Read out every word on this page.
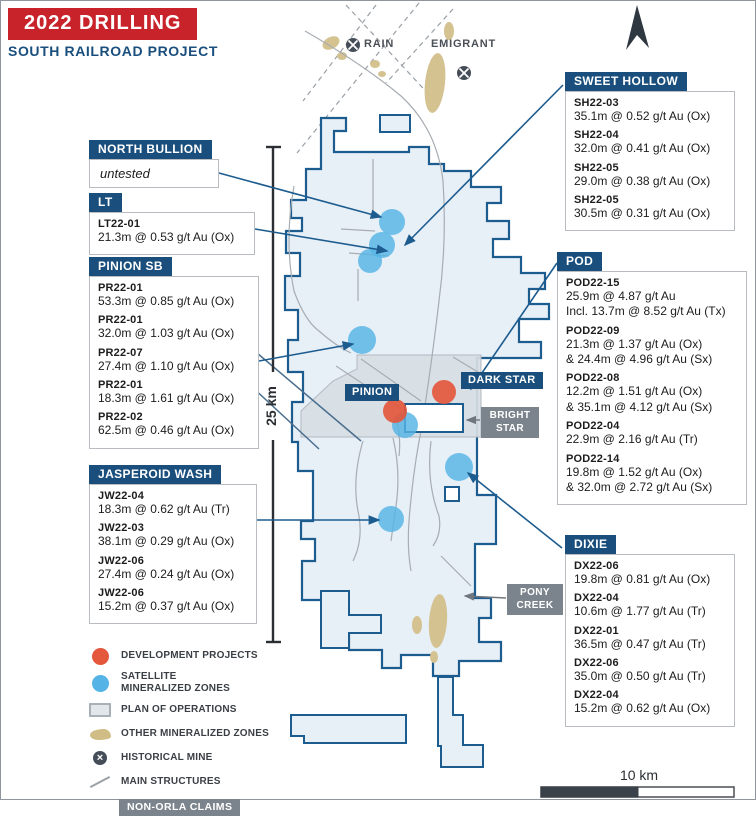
2022 DRILLING
SOUTH RAILROAD PROJECT	RAIN	EMIGRANT
NORTH BULLION
untested
LT
LT22-01
21.3m @ 0.53 g/t Au (Ox)
PINION SB
PR22-01
53.3m @ 0.85 g/t Au (Ox)
PR22-01
32.0m @ 1.03 g/t Au (Ox)
PR22-07
27.4m @ 1.10 g/t Au (Ox)
PR22-01
18.3m @ 1.61 g/t Au (Ox)
PR22-02
62.5m @ 0.46 g/t Au (Ox)
JASPEROID WASH
JW22-04
18.3m @ 0.62 g/t Au (Tr)
JW22-03
38.1m @ 0.29 g/t Au (Ox)
JW22-06
27.4m @ 0.24 g/t Au (Ox)
JW22-06
15.2m @ 0.37 g/t Au (Ox)
SWEET HOLLOW
SH22-03
35.1m @ 0.52 g/t Au (Ox)
SH22-04
32.0m @ 0.41 g/t Au (Ox)
SH22-05
29.0m @ 0.38 g/t Au (Ox)
SH22-05
30.5m @ 0.31 g/t Au (Ox)
POD
POD22-15
25.9m @ 4.87 g/t Au
Incl. 13.7m @ 8.52 g/t Au (Tx)
POD22-09
21.3m @ 1.37 g/t Au (Ox)
& 24.4m @ 4.96 g/t Au (Sx)
POD22-08
12.2m @ 1.51 g/t Au (Ox)
& 35.1m @ 4.12 g/t Au (Sx)
POD22-04
22.9m @ 2.16 g/t Au (Tr)
POD22-14
19.8m @ 1.52 g/t Au (Ox)
& 32.0m @ 2.72 g/t Au (Sx)
DIXIE
DX22-06
19.8m @ 0.81 g/t Au (Ox)
DX22-04
10.6m @ 1.77 g/t Au (Tr)
DX22-01
36.5m @ 0.47 g/t Au (Tr)
DX22-06
35.0m @ 0.50 g/t Au (Tr)
DX22-04
15.2m @ 0.62 g/t Au (Ox)
PINION
DARK STAR
BRIGHT STAR
PONY CREEK
25 km
10 km
DEVELOPMENT PROJECTS
SATELLITE
MINERALIZED ZONES
PLAN OF OPERATIONS
OTHER MINERALIZED ZONES
×
HISTORICAL MINE
MAIN STRUCTURES
NON-ORLA CLAIMS
